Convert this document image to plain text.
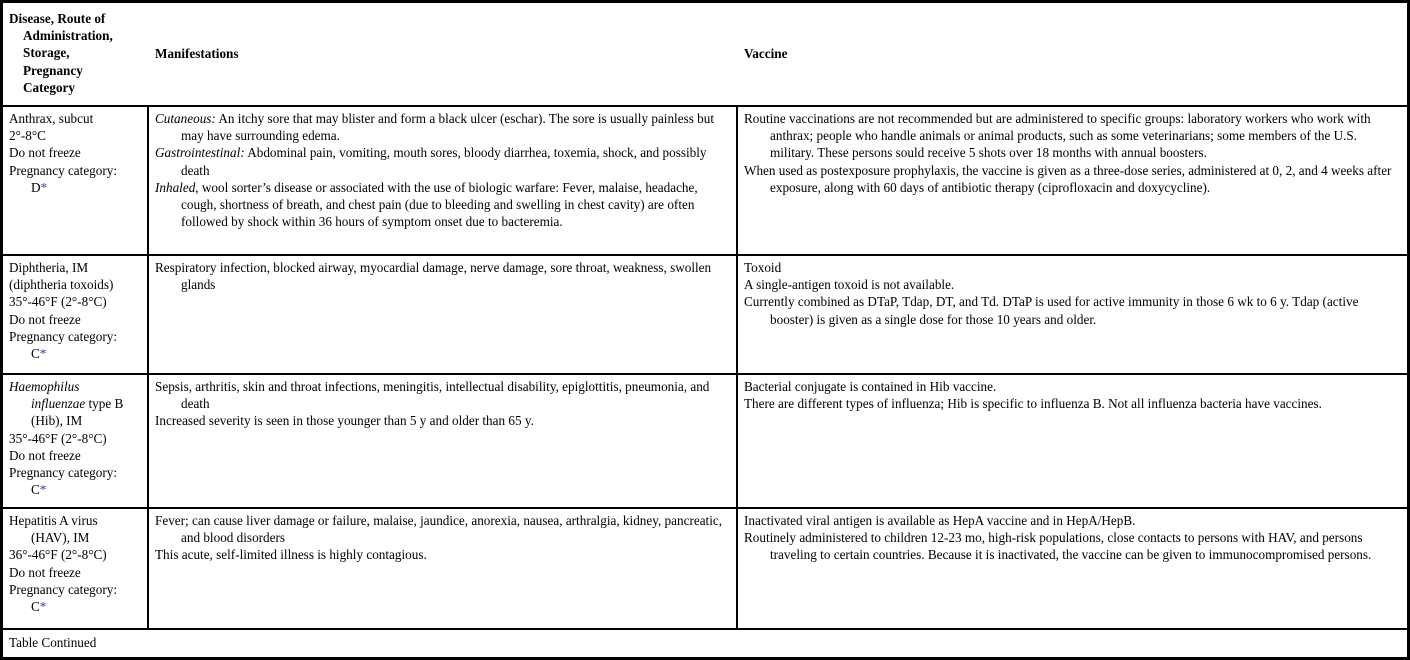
Disease, Route of
Administration,
Storage,
Pregnancy
Category
Manifestations	Vaccine
Anthrax, subcut
2°-8°C
Do not freeze
Pregnancy category:
D*

Cutaneous: An itchy sore that may blister and form a black ulcer (eschar). The sore is usually painless but may have surrounding edema.

Gastrointestinal: Abdominal pain, vomiting, mouth sores, bloody diarrhea, toxemia, shock, and possibly death

Inhaled, wool sorter’s disease or associated with the use of biologic warfare: Fever, malaise, headache, cough, shortness of breath, and chest pain (due to bleeding and swelling in chest cavity) are often followed by shock within 36 hours of symptom onset due to bacteremia.

Routine vaccinations are not recommended but are administered to specific groups: laboratory workers who work with anthrax; people who handle animals or animal products, such as some veterinarians; some members of the U.S. military. These persons sould receive 5 shots over 18 months with annual boosters.

When used as postexposure prophylaxis, the vaccine is given as a three-dose series, administered at 0, 2, and 4 weeks after exposure, along with 60 days of antibiotic therapy (ciprofloxacin and doxycycline).

Diphtheria, IM
(diphtheria toxoids)
35°-46°F (2°-8°C)
Do not freeze
Pregnancy category:
C*

Respiratory infection, blocked airway, myocardial damage, nerve damage, sore throat, weakness, swollen glands

Toxoid

A single-antigen toxoid is not available.

Currently combined as DTaP, Tdap, DT, and Td. DTaP is used for active immunity in those 6 wk to 6 y. Tdap (active booster) is given as a single dose for those 10 years and older.

Haemophilus
influenzae type B
(Hib), IM
35°-46°F (2°-8°C)
Do not freeze
Pregnancy category:
C*

Sepsis, arthritis, skin and throat infections, meningitis, intellectual disability, epiglottitis, pneumonia, and death

Increased severity is seen in those younger than 5 y and older than 65 y.

Bacterial conjugate is contained in Hib vaccine.

There are different types of influenza; Hib is specific to influenza B. Not all influenza bacteria have vaccines.

Hepatitis A virus
(HAV), IM
36°-46°F (2°-8°C)
Do not freeze
Pregnancy category:
C*

Fever; can cause liver damage or failure, malaise, jaundice, anorexia, nausea, arthralgia, kidney, pancreatic, and blood disorders

This acute, self-limited illness is highly contagious.

Inactivated viral antigen is available as HepA vaccine and in HepA/HepB.

Routinely administered to children 12-23 mo, high-risk populations, close contacts to persons with HAV, and persons traveling to certain countries. Because it is inactivated, the vaccine can be given to immunocompromised persons.

Table Continued
